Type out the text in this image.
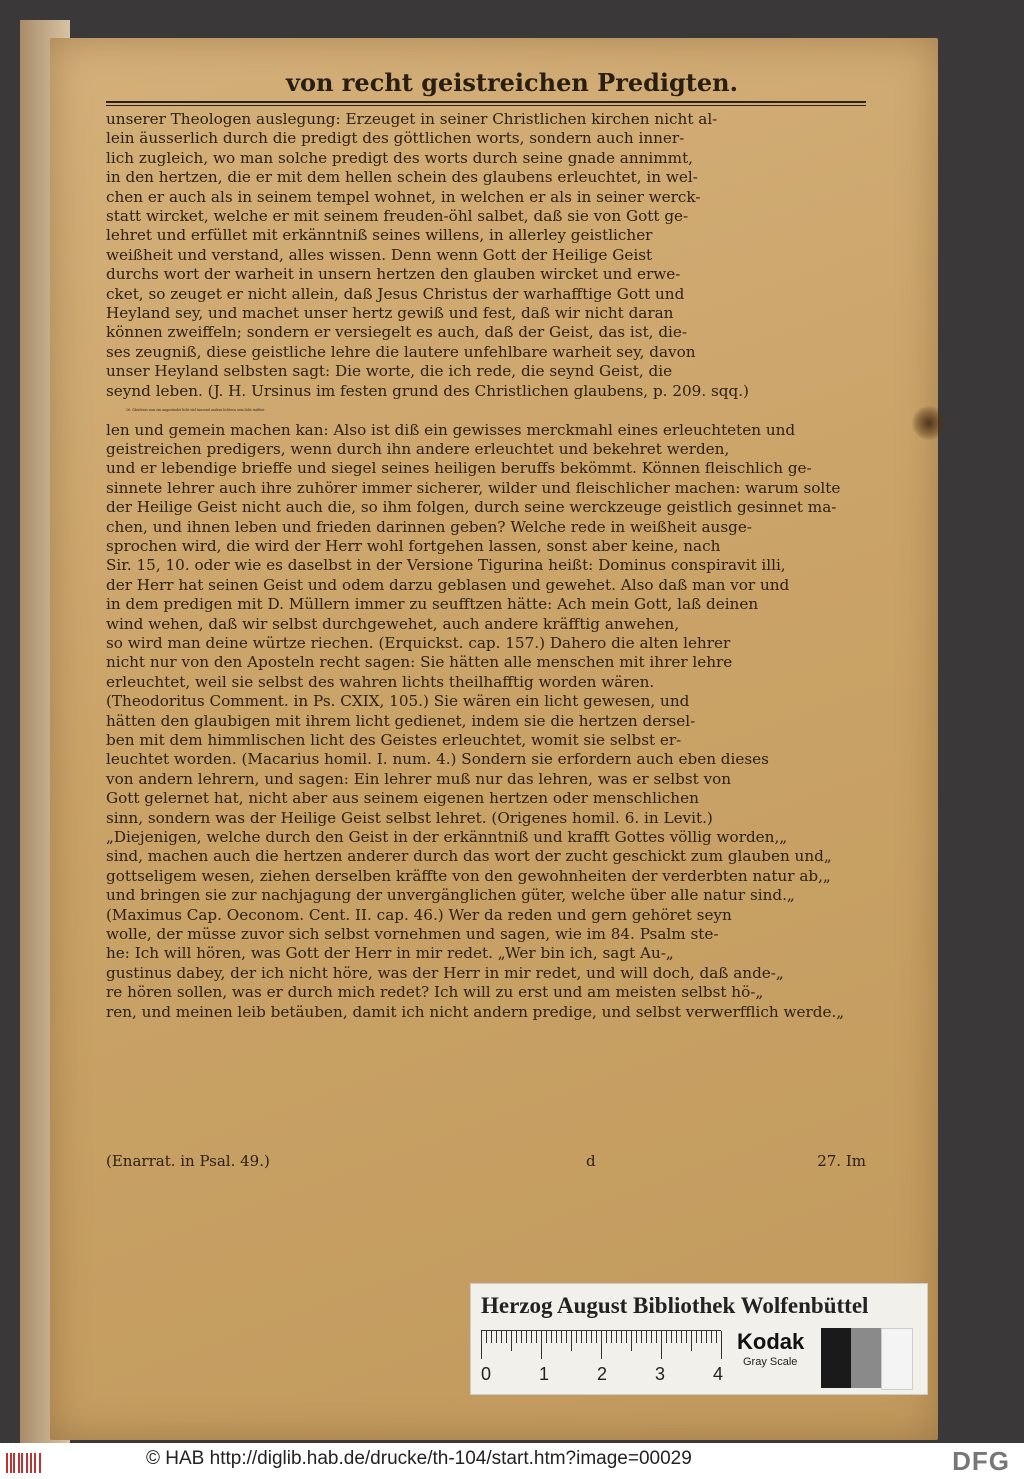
von recht geistreichen Predigten.
unserer Theologen auslegung: Erzeuget in seiner Christlichen kirchen nicht al-
lein äusserlich durch die predigt des göttlichen worts, sondern auch inner-
lich zugleich, wo man solche predigt des worts durch seine gnade annimmt,
in den hertzen, die er mit dem hellen schein des glaubens erleuchtet, in wel-
chen er auch als in seinem tempel wohnet, in welchen er als in seiner werck-
statt wircket, welche er mit seinem freuden-öhl salbet, daß sie von Gott ge-
lehret und erfüllet mit erkänntniß seines willens, in allerley geistlicher
weißheit und verstand, alles wissen. Denn wenn Gott der Heilige Geist
durchs wort der warheit in unsern hertzen den glauben wircket und erwe-
cket, so zeuget er nicht allein, daß Jesus Christus der warhafftige Gott und
Heyland sey, und machet unser hertz gewiß und fest, daß wir nicht daran
können zweiffeln; sondern er versiegelt es auch, daß der Geist, das ist, die-
ses zeugniß, diese geistliche lehre die lautere unfehlbare warheit sey, davon
unser Heyland selbsten sagt: Die worte, die ich rede, die seynd Geist, die
seynd leben. (J. H. Ursinus im festen grund des Christlichen glaubens, p. 209. sqq.)
26. Gleichwie nun ein angezündet licht viel tausend andern lichtern sein licht mitthei-
len und gemein machen kan: Also ist diß ein gewisses merckmahl eines erleuchteten und
geistreichen predigers, wenn durch ihn andere erleuchtet und bekehret werden,
und er lebendige brieffe und siegel seines heiligen beruffs bekömmt. Können fleischlich ge-
sinnete lehrer auch ihre zuhörer immer sicherer, wilder und fleischlicher machen: warum solte
der Heilige Geist nicht auch die, so ihm folgen, durch seine werckzeuge geistlich gesinnet ma-
chen, und ihnen leben und frieden darinnen geben? Welche rede in weißheit ausge-
sprochen wird, die wird der Herr wohl fortgehen lassen, sonst aber keine, nach
Sir. 15, 10. oder wie es daselbst in der Versione Tigurina heißt: Dominus conspiravit illi,
der Herr hat seinen Geist und odem darzu geblasen und gewehet. Also daß man vor und
in dem predigen mit D. Müllern immer zu seufftzen hätte: Ach mein Gott, laß deinen
wind wehen, daß wir selbst durchgewehet, auch andere kräfftig anwehen,
so wird man deine würtze riechen. (Erquickst. cap. 157.) Dahero die alten lehrer
nicht nur von den Aposteln recht sagen: Sie hätten alle menschen mit ihrer lehre
erleuchtet, weil sie selbst des wahren lichts theilhafftig worden wären.
(Theodoritus Comment. in Ps. CXIX, 105.) Sie wären ein licht gewesen, und
hätten den glaubigen mit ihrem licht gedienet, indem sie die hertzen dersel-
ben mit dem himmlischen licht des Geistes erleuchtet, womit sie selbst er-
leuchtet worden. (Macarius homil. I. num. 4.) Sondern sie erfordern auch eben dieses
von andern lehrern, und sagen: Ein lehrer muß nur das lehren, was er selbst von
Gott gelernet hat, nicht aber aus seinem eigenen hertzen oder menschlichen
sinn, sondern was der Heilige Geist selbst lehret. (Origenes homil. 6. in Levit.)
„Diejenigen, welche durch den Geist in der erkänntniß und krafft Gottes völlig worden,„
sind, machen auch die hertzen anderer durch das wort der zucht geschickt zum glauben und„
gottseligem wesen, ziehen derselben kräffte von den gewohnheiten der verderbten natur ab,„
und bringen sie zur nachjagung der unvergänglichen güter, welche über alle natur sind.„
(Maximus Cap. Oeconom. Cent. II. cap. 46.) Wer da reden und gern gehöret seyn
wolle, der müsse zuvor sich selbst vornehmen und sagen, wie im 84. Psalm ste-
he: Ich will hören, was Gott der Herr in mir redet. „Wer bin ich, sagt Au-„
gustinus dabey, der ich nicht höre, was der Herr in mir redet, und will doch, daß ande-„
re hören sollen, was er durch mich redet? Ich will zu erst und am meisten selbst hö-„
ren, und meinen leib betäuben, damit ich nicht andern predige, und selbst verwerfflich werde.„
(Enarrat. in Psal. 49.)	d	27. Im
Herzog August Bibliothek Wolfenbüttel
0	1	2	3	4
Kodak
Gray Scale
© HAB http://diglib.hab.de/drucke/th-104/start.htm?image=00029	DFG
